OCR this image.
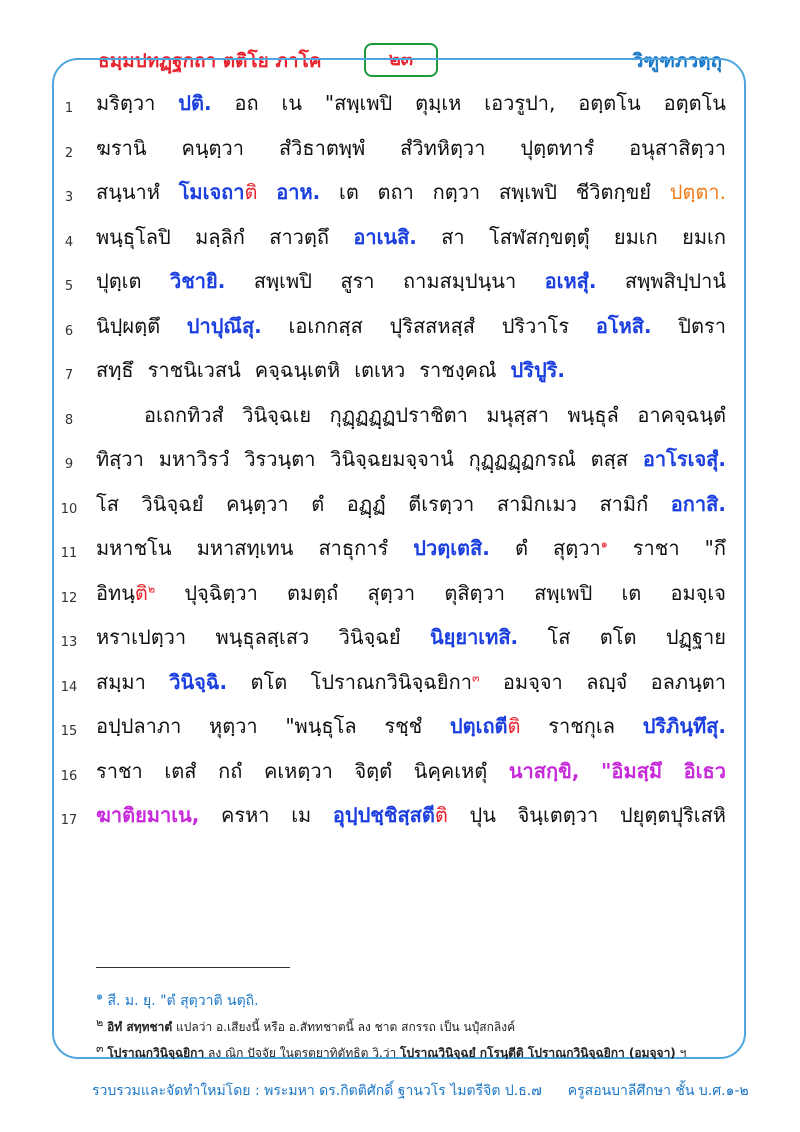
ธมฺมปทฏฺฐกถา ตติโย ภาโค	๒๓	วิฑูฑภวตฺถุ
1	มริตฺวา ปติ. อถ เน "สพฺเพปิ ตุมฺเห เอวรูปา, อตฺตโน อตฺตโน
2	ฆรานิ คนฺตฺวา สํวิธาตพฺพํ สํวิทหิตฺวา ปุตฺตทารํ อนุสาสิตฺวา
3	สนฺนาหํ โมเจถาติ อาห. เต ตถา กตฺวา สพฺเพปิ ชีวิตกฺขยํ ปตฺตา.
4	พนฺธุโลปิ มลฺลิกํ สาวตฺถึ อาเนสิ. สา โสฬสกฺขตฺตุํ ยมเก ยมเก
5	ปุตฺเต วิชายิ. สพฺเพปิ สูรา ถามสมฺปนฺนา อเหสุํ. สพฺพสิปฺปานํ
6	นิปฺผตฺตึ ปาปุณึสุ. เอเกกสฺส ปุริสสหสฺสํ ปริวาโร อโหสิ. ปิตรา
7	สทฺธึ ราชนิเวสนํ คจฺฉนฺเตหิ เตเหว ราชงฺคณํ ปริปูริ.
8	อเถกทิวสํ วินิจฺฉเย กุฏฺฏฏฺฏปราชิตา มนุสฺสา พนฺธุลํ อาคจฺฉนฺตํ
9	ทิสฺวา มหาวิรวํ วิรวนฺตา วินิจฺฉยมจฺจานํ กุฏฺฏฏฺฏกรณํ ตสฺส อาโรเจสุํ.
10 โส วินิจฺฉยํ คนฺตฺวา ตํ อฏฺฏํ ตีเรตฺวา สามิกเมว สามิกํ อกาสิ.
11 มหาชโน มหาสทฺเทน สาธุการํ ปวตฺเตสิ. ตํ สุตฺวา$^๑$ ราชา "กึ
12 อิทนฺติ$^๒$ ปุจฺฉิตฺวา ตมตฺถํ สุตฺวา ตุสิตฺวา สพฺเพปิ เต อมจฺเจ
13 หราเปตฺวา พนฺธุลสฺเสว วินิจฺฉยํ นิยฺยาเทสิ. โส ตโต ปฏฺฐาย
14 สมฺมา วินิจฺฉิ. ตโต โปราณกวินิจฺฉยิกา$^๓$ อมจฺจา ลญฺจํ อลภนฺตา
15 อปฺปลาภา หุตฺวา "พนฺธุโล รชฺชํ ปตฺเถตีติ ราชกุเล ปริภินฺทึสุ.
16 ราชา เตสํ กถํ คเหตฺวา จิตฺตํ นิคฺคเหตุํ นาสกฺขิ, "อิมสฺมึ อิเธว
17 ฆาติยมาเน, ครหา เม อุปฺปชฺชิสฺสตีติ ปุน จินฺเตตฺวา ปยุตฺตปุริเสหิ
$^๑$ สี. ม. ยุ. "ตํ สุตฺวาติ นตฺถิ.
$^๒$ อิทํ สทฺทชาตํ แปลว่า อ.เสียงนี้ หรือ อ.สัททชาตนี้ ลง ชาต สกรรถ เป็น นปุํสกลิงค์
$^๓$ โปราณกวินิจฺฉยิกา ลง ณิก ปัจจัย ในตรตยาทิตัทธิต วิ.ว่า โปราณวินิจฺฉยํ กโรนฺตีติ โปราณกวินิจฺฉยิกา (อมจฺจา) ฯ
รวบรวมและจัดทำใหม่โดย : พระมหา ดร.กิตติศักดิ์ ฐานวโร ไมตรีจิต ป.ธ.๗ ครูสอนบาลีศึกษา ชั้น บ.ศ.๑-๒
